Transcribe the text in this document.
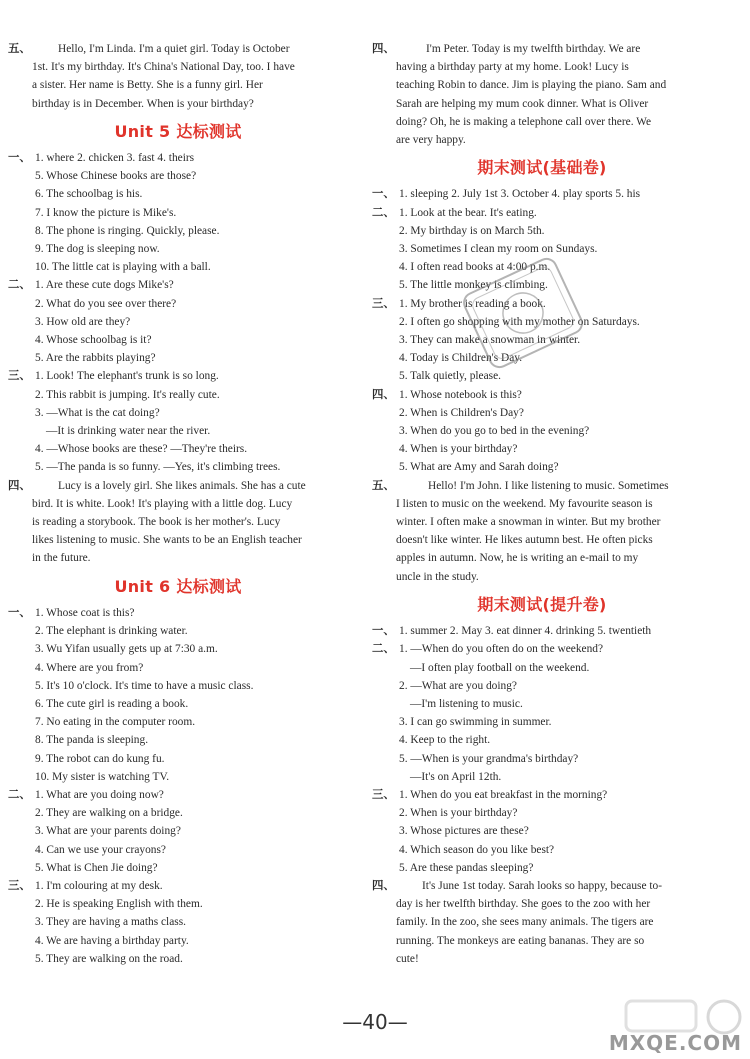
五、	Hello, I'm Linda. I'm a quiet girl. Today is October
1st. It's my birthday. It's China's National Day, too. I have
a sister. Her name is Betty. She is a funny girl. Her
birthday is in December. When is your birthday?
Unit 5 达标测试
一、 1. where 2. chicken 3. fast 4. theirs
5. Whose Chinese books are those?
6. The schoolbag is his.
7. I know the picture is Mike's.
8. The phone is ringing. Quickly, please.
9. The dog is sleeping now.
10. The little cat is playing with a ball.
二、 1. Are these cute dogs Mike's?
2. What do you see over there?
3. How old are they?
4. Whose schoolbag is it?
5. Are the rabbits playing?
三、 1. Look! The elephant's trunk is so long.
2. This rabbit is jumping. It's really cute.
3. —What is the cat doing?
—It is drinking water near the river.
4. —Whose books are these? —They're theirs.
5. —The panda is so funny. —Yes, it's climbing trees.
四、	Lucy is a lovely girl. She likes animals. She has a cute
bird. It is white. Look! It's playing with a little dog. Lucy
is reading a storybook. The book is her mother's. Lucy
likes listening to music. She wants to be an English teacher
in the future.
Unit 6 达标测试
一、 1. Whose coat is this?
2. The elephant is drinking water.
3. Wu Yifan usually gets up at 7:30 a.m.
4. Where are you from?
5. It's 10 o'clock. It's time to have a music class.
6. The cute girl is reading a book.
7. No eating in the computer room.
8. The panda is sleeping.
9. The robot can do kung fu.
10. My sister is watching TV.
二、 1. What are you doing now?
2. They are walking on a bridge.
3. What are your parents doing?
4. Can we use your crayons?
5. What is Chen Jie doing?
三、 1. I'm colouring at my desk.
2. He is speaking English with them.
3. They are having a maths class.
4. We are having a birthday party.
5. They are walking on the road.
四、	I'm Peter. Today is my twelfth birthday. We are
having a birthday party at my home. Look! Lucy is
teaching Robin to dance. Jim is playing the piano. Sam and
Sarah are helping my mum cook dinner. What is Oliver
doing? Oh, he is making a telephone call over there. We
are very happy.
期末测试(基础卷)
一、 1. sleeping 2. July 1st 3. October 4. play sports 5. his
二、 1. Look at the bear. It's eating.
2. My birthday is on March 5th.
3. Sometimes I clean my room on Sundays.
4. I often read books at 4:00 p.m.
5. The little monkey is climbing.
三、 1. My brother is reading a book.
2. I often go shopping with my mother on Saturdays.
3. They can make a snowman in winter.
4. Today is Children's Day.
5. Talk quietly, please.
四、 1. Whose notebook is this?
2. When is Children's Day?
3. When do you go to bed in the evening?
4. When is your birthday?
5. What are Amy and Sarah doing?
五、	Hello! I'm John. I like listening to music. Sometimes
I listen to music on the weekend. My favourite season is
winter. I often make a snowman in winter. But my brother
doesn't like winter. He likes autumn best. He often picks
apples in autumn. Now, he is writing an e-mail to my
uncle in the study.
期末测试(提升卷)
一、 1. summer 2. May 3. eat dinner 4. drinking 5. twentieth
二、 1. —When do you often do on the weekend?
—I often play football on the weekend.
2. —What are you doing?
—I'm listening to music.
3. I can go swimming in summer.
4. Keep to the right.
5. —When is your grandma's birthday?
—It's on April 12th.
三、 1. When do you eat breakfast in the morning?
2. When is your birthday?
3. Whose pictures are these?
4. Which season do you like best?
5. Are these pandas sleeping?
四、	It's June 1st today. Sarah looks so happy, because to-
day is her twelfth birthday. She goes to the zoo with her
family. In the zoo, she sees many animals. The tigers are
running. The monkeys are eating bananas. They are so
cute!
—40—
MXQE.COM
